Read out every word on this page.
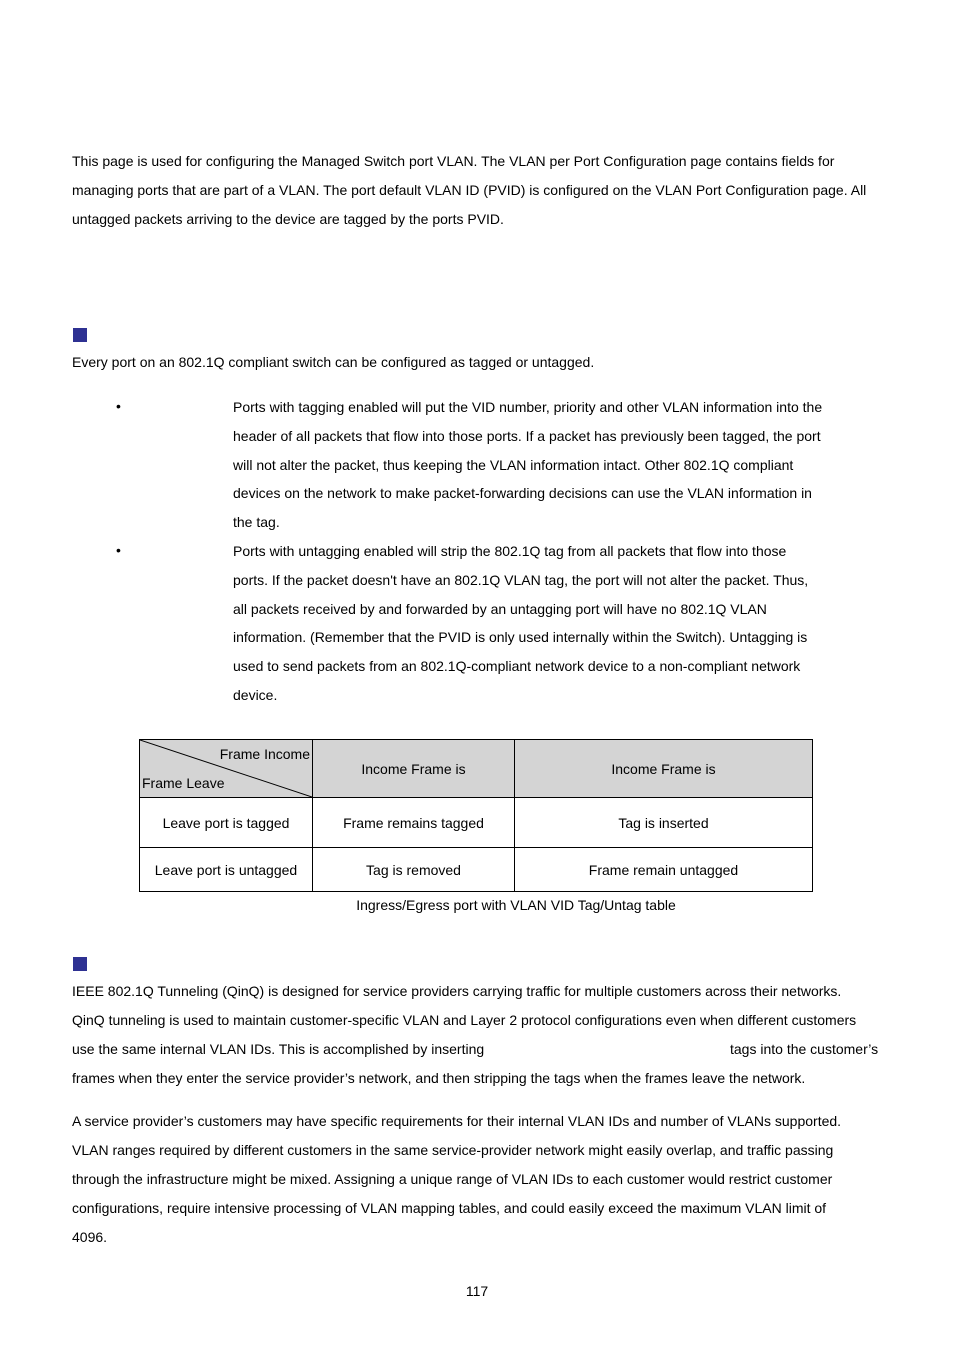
This page is used for configuring the Managed Switch port VLAN. The VLAN per Port Configuration page contains fields for
managing ports that are part of a VLAN. The port default VLAN ID (PVID) is configured on the VLAN Port Configuration page. All
untagged packets arriving to the device are tagged by the ports PVID.
Every port on an 802.1Q compliant switch can be configured as tagged or untagged.
•	Ports with tagging enabled will put the VID number, priority and other VLAN information into the
header of all packets that flow into those ports. If a packet has previously been tagged, the port
will not alter the packet, thus keeping the VLAN information intact. Other 802.1Q compliant
devices on the network to make packet-forwarding decisions can use the VLAN information in
the tag.
•	Ports with untagging enabled will strip the 802.1Q tag from all packets that flow into those
ports. If the packet doesn't have an 802.1Q VLAN tag, the port will not alter the packet. Thus,
all packets received by and forwarded by an untagging port will have no 802.1Q VLAN
information. (Remember that the PVID is only used internally within the Switch). Untagging is
used to send packets from an 802.1Q-compliant network device to a non-compliant network
device.
Frame Income
Frame Leave	Income Frame is	Income Frame is
Leave port is tagged	Frame remains tagged	Tag is inserted
Leave port is untagged	Tag is removed	Frame remain untagged
Ingress/Egress port with VLAN VID Tag/Untag table
IEEE 802.1Q Tunneling (QinQ) is designed for service providers carrying traffic for multiple customers across their networks.
QinQ tunneling is used to maintain customer-specific VLAN and Layer 2 protocol configurations even when different customers
use the same internal VLAN IDs. This is accomplished by inserting	tags into the customer’s
frames when they enter the service provider’s network, and then stripping the tags when the frames leave the network.
A service provider’s customers may have specific requirements for their internal VLAN IDs and number of VLANs supported.
VLAN ranges required by different customers in the same service-provider network might easily overlap, and traffic passing
through the infrastructure might be mixed. Assigning a unique range of VLAN IDs to each customer would restrict customer
configurations, require intensive processing of VLAN mapping tables, and could easily exceed the maximum VLAN limit of
4096.
117
